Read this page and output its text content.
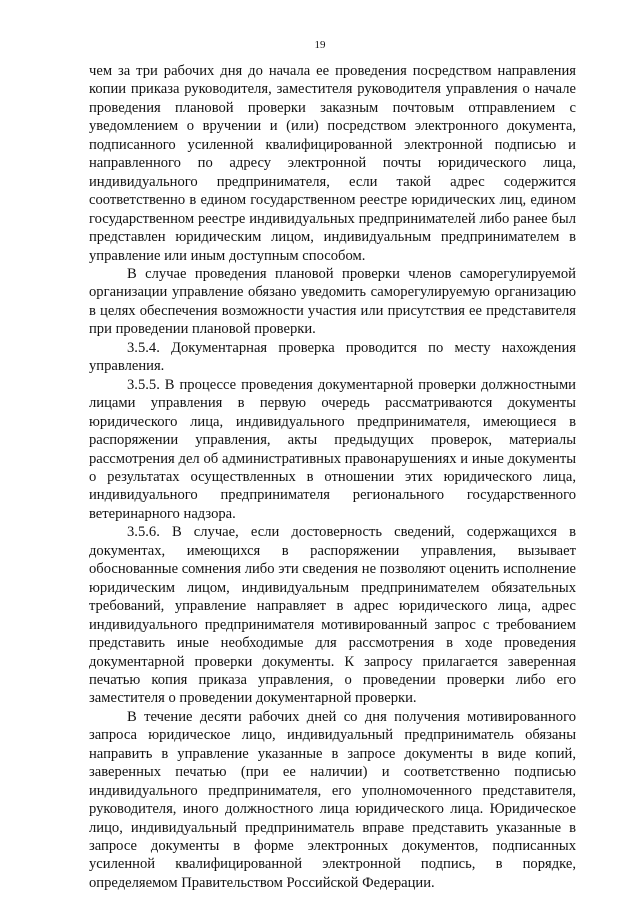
19

чем за три рабочих дня до начала ее проведения посредством направления копии приказа руководителя, заместителя руководителя управления о начале проведения плановой проверки заказным почтовым отправлением с уведомлением о вручении и (или) посредством электронного документа, подписанного усиленной квалифицированной электронной подписью и направленного по адресу электронной почты юридического лица, индивидуального предпринимателя, если такой адрес содержится соответственно в едином государственном реестре юридических лиц, едином государственном реестре индивидуальных предпринимателей либо ранее был представлен юридическим лицом, индивидуальным предпринимателем в управление или иным доступным способом.

В случае проведения плановой проверки членов саморегулируемой организации управление обязано уведомить саморегулируемую организацию в целях обеспечения возможности участия или присутствия ее представителя при проведении плановой проверки.

3.5.4. Документарная проверка проводится по месту нахождения управления.

3.5.5. В процессе проведения документарной проверки должностными лицами управления в первую очередь рассматриваются документы юридического лица, индивидуального предпринимателя, имеющиеся в распоряжении управления, акты предыдущих проверок, материалы рассмотрения дел об административных правонарушениях и иные документы о результатах осуществленных в отношении этих юридического лица, индивидуального предпринимателя регионального государственного ветеринарного надзора.

3.5.6. В случае, если достоверность сведений, содержащихся в документах, имеющихся в распоряжении управления, вызывает обоснованные сомнения либо эти сведения не позволяют оценить исполнение юридическим лицом, индивидуальным предпринимателем обязательных требований, управление направляет в адрес юридического лица, адрес индивидуального предпринимателя мотивированный запрос с требованием представить иные необходимые для рассмотрения в ходе проведения документарной проверки документы. К запросу прилагается заверенная печатью копия приказа управления, о проведении проверки либо его заместителя о проведении документарной проверки.

В течение десяти рабочих дней со дня получения мотивированного запроса юридическое лицо, индивидуальный предприниматель обязаны направить в управление указанные в запросе документы в виде копий, заверенных печатью (при ее наличии) и соответственно подписью индивидуального предпринимателя, его уполномоченного представителя, руководителя, иного должностного лица юридического лица. Юридическое лицо, индивидуальный предприниматель вправе представить указанные в запросе документы в форме электронных документов, подписанных усиленной квалифицированной электронной подпись, в порядке, определяемом Правительством Российской Федерации.
